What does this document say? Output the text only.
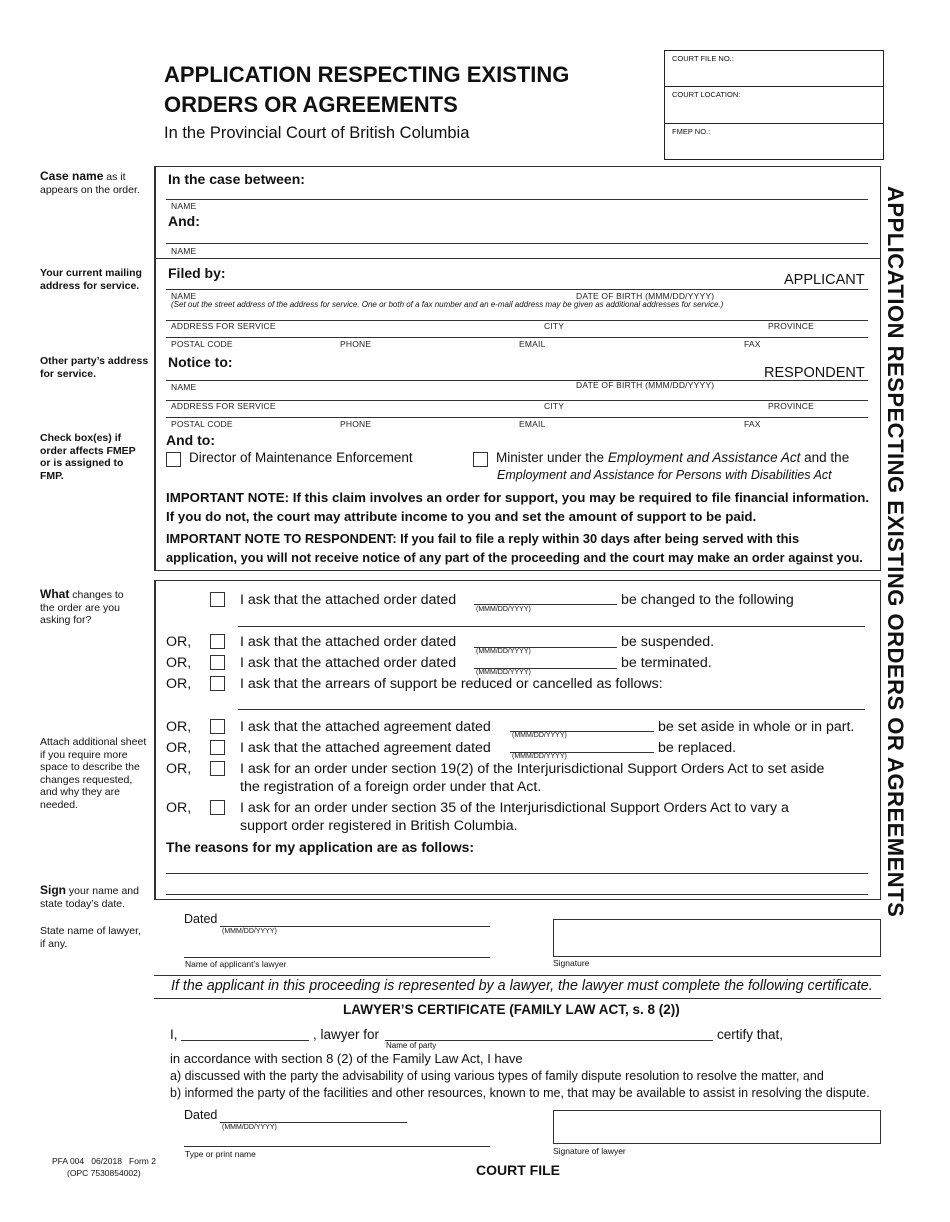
APPLICATION RESPECTING EXISTING
ORDERS OR AGREEMENTS
In the Provincial Court of British Columbia
COURT FILE NO.:
COURT LOCATION:
FMEP NO.:
APPLICATION RESPECTING EXISTING ORDERS OR AGREEMENTS
Case name as it appears on the order.
Your current mailing address for service.
Other party’s address for service.
Check box(es) if order affects FMEP or is assigned to FMP.
What changes to the order are you asking for?
Attach additional sheet if you require more space to describe the changes requested, and why they are needed.
Sign your name and state today’s date.
State name of lawyer, if any.
In the case between:
NAME
And:
NAME
Filed by:	APPLICANT
NAME	DATE OF BIRTH (MMM/DD/YYYY)
(Set out the street address of the address for service. One or both of a fax number and an e-mail address may be given as additional addresses for service.)
ADDRESS FOR SERVICE	CITY	PROVINCE
POSTAL CODE	PHONE	EMAIL	FAX
Notice to:
RESPONDENT
NAME	DATE OF BIRTH (MMM/DD/YYYY)
ADDRESS FOR SERVICE	CITY	PROVINCE
POSTAL CODE	PHONE	EMAIL	FAX
And to:
Director of Maintenance Enforcement	Minister under the Employment and Assistance Act and the
Employment and Assistance for Persons with Disabilities Act
IMPORTANT NOTE: If this claim involves an order for support, you may be required to file financial information. If you do not, the court may attribute income to you and set the amount of support to be paid.
IMPORTANT NOTE TO RESPONDENT: If you fail to file a reply within 30 days after being served with this application, you will not receive notice of any part of the proceeding and the court may make an order against you.
I ask that the attached order dated
(MMM/DD/YYYY)
be changed to the following
OR,	I ask that the attached order dated
(MMM/DD/YYYY)
be suspended.
OR,	I ask that the attached order dated
(MMM/DD/YYYY)
be terminated.
OR,	I ask that the arrears of support be reduced or cancelled as follows:
OR,	I ask that the attached agreement dated
(MMM/DD/YYYY)
be set aside in whole or in part.
OR,	I ask that the attached agreement dated
(MMM/DD/YYYY)
be replaced.
OR,	I ask for an order under section 19(2) of the Interjurisdictional Support Orders Act to set aside
the registration of a foreign order under that Act.
OR,	I ask for an order under section 35 of the Interjurisdictional Support Orders Act to vary a
support order registered in British Columbia.
The reasons for my application are as follows:
Dated
(MMM/DD/YYYY)
Name of applicant’s lawyer	Signature
If the applicant in this proceeding is represented by a lawyer, the lawyer must complete the following certificate.
LAWYER’S CERTIFICATE (FAMILY LAW ACT, s. 8 (2))
I,	, lawyer for
Name of party
certify that,
in accordance with section 8 (2) of the Family Law Act, I have
a) discussed with the party the advisability of using various types of family dispute resolution to resolve the matter, and
b) informed the party of the facilities and other resources, known to me, that may be available to assist in resolving the dispute.
Dated
(MMM/DD/YYYY)
Type or print name	Signature of lawyer
PFA 004   06/2018   Form 2
(OPC 7530854002)	COURT FILE
